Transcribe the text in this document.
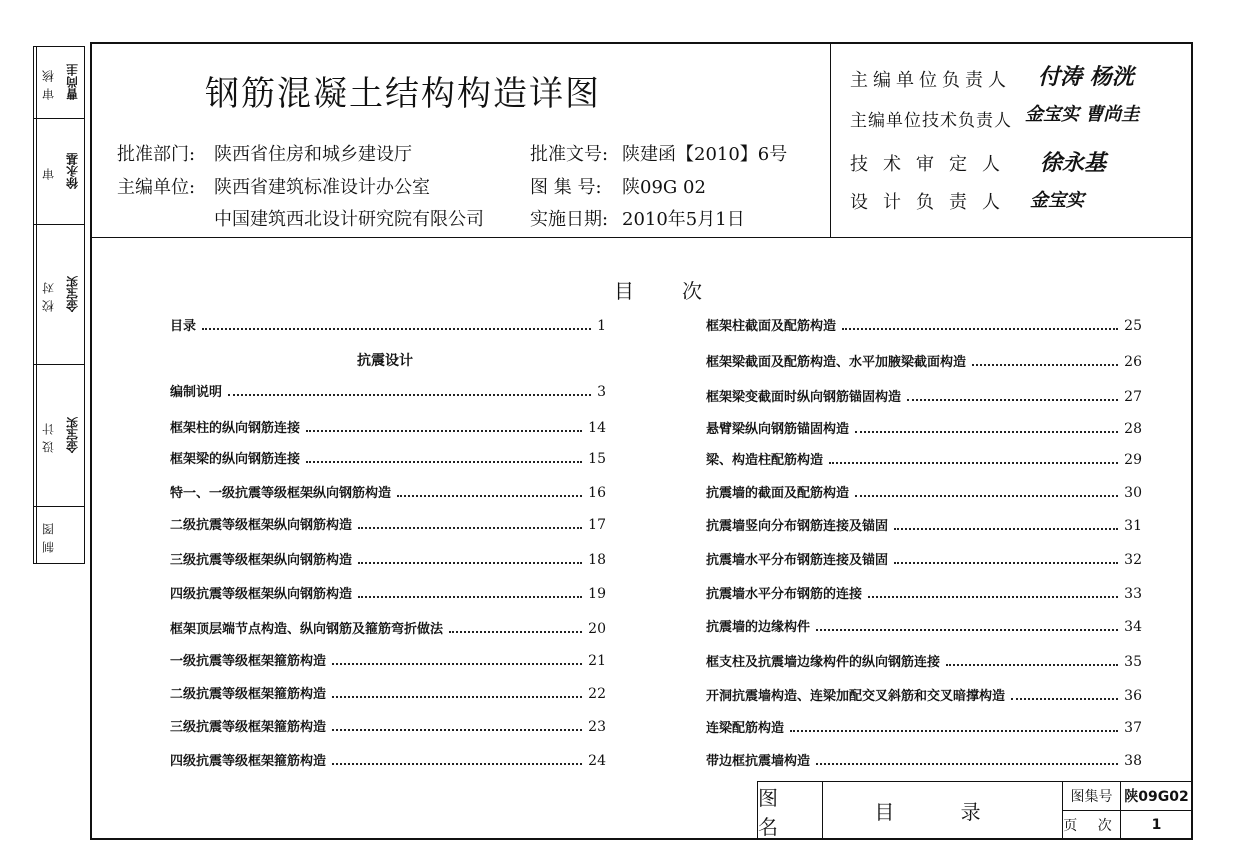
审核 曹尚圭
审 徐永基
校对 金宝实
设计 金宝实
制图
钢筋混凝土结构构造详图
批准部门: 陕西省住房和城乡建设厅
主编单位: 陕西省建筑标准设计办公室
中国建筑西北设计研究院有限公司
批准文号: 陕建函【2010】6号
图 集 号: 陕09G 02
实施日期: 2010年5月1日
主编单位负责人 付涛 杨洸
主编单位技术负责人 金宝实 曹尚圭
技术审定人 徐永基
设计负责人 金宝实
目次
目录	1
抗震设计
编制说明	3
框架柱的纵向钢筋连接	14
框架梁的纵向钢筋连接	15
特一、一级抗震等级框架纵向钢筋构造	16
二级抗震等级框架纵向钢筋构造	17
三级抗震等级框架纵向钢筋构造	18
四级抗震等级框架纵向钢筋构造	19
框架顶层端节点构造、纵向钢筋及箍筋弯折做法	20
一级抗震等级框架箍筋构造	21
二级抗震等级框架箍筋构造	22
三级抗震等级框架箍筋构造	23
四级抗震等级框架箍筋构造	24
框架柱截面及配筋构造	25
框架梁截面及配筋构造、水平加腋梁截面构造	26
框架梁变截面时纵向钢筋锚固构造	27
悬臂梁纵向钢筋锚固构造	28
梁、构造柱配筋构造	29
抗震墙的截面及配筋构造	30
抗震墙竖向分布钢筋连接及锚固	31
抗震墙水平分布钢筋连接及锚固	32
抗震墙水平分布钢筋的连接	33
抗震墙的边缘构件	34
框支柱及抗震墙边缘构件的纵向钢筋连接	35
开洞抗震墙构造、连梁加配交叉斜筋和交叉暗撑构造	36
连梁配筋构造	37
带边框抗震墙构造	38
图 名
目 录
图集号 陕09G02
页 次	1
